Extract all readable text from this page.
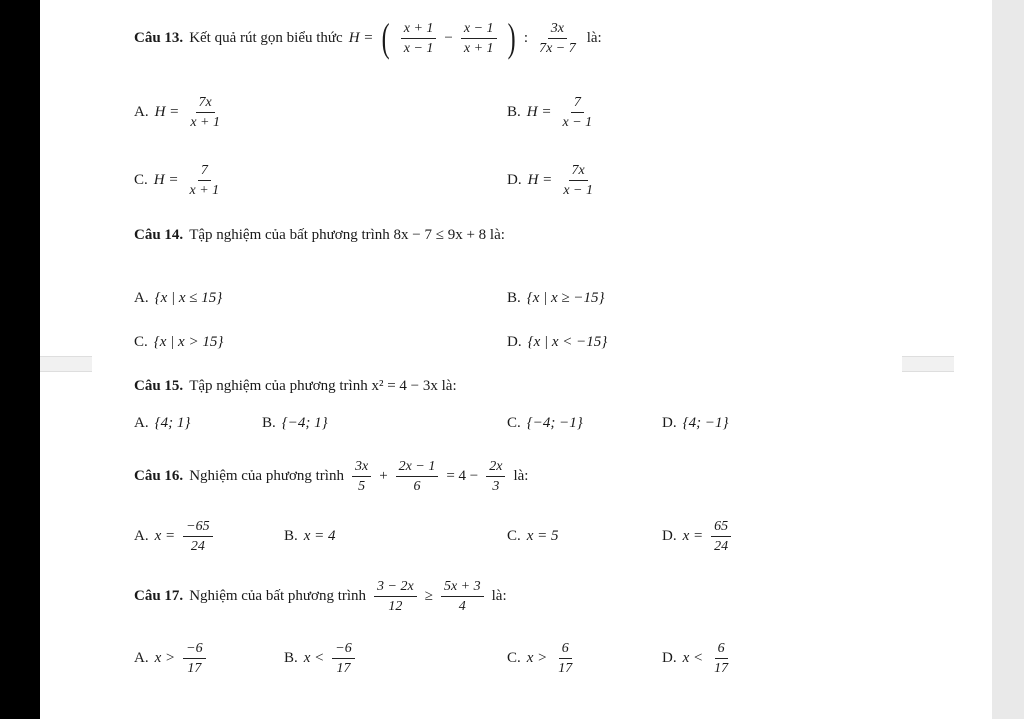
Câu 13. Kết quả rút gọn biểu thức H = ( $\frac{x + 1}{x - 1} - \frac{x - 1}{x + 1}$ ) : $\frac{3x}{7x - 7}$ là:
A. $H = \frac{7x}{x + 1}$	B. $H = \frac{7}{x - 1}$
C. $H = \frac{7}{x + 1}$	D. $H = \frac{7x}{x - 1}$
Câu 14. Tập nghiệm của bất phương trình 8x − 7 ≤ 9x + 8 là:
A. {x | x ≤ 15}	B. {x | x ≥ −15}
C. {x | x > 15}	D. {x | x < −15}
Câu 15. Tập nghiệm của phương trình x² = 4 − 3x là:
A. {4; 1}	B. {−4; 1}	C. {−4; −1}	D. {4; −1}
Câu 16. Nghiệm của phương trình $\frac{3x}{5} + \frac{2x - 1}{6} = 4 - \frac{2x}{3}$ là:
A. $x = \frac{-65}{24}$	B. x = 4	C. x = 5	D. $x = \frac{65}{24}$
Câu 17. Nghiệm của bất phương trình $\frac{3 - 2x}{12} \ge \frac{5x + 3}{4}$ là:
A. $x > \frac{-6}{17}$	B. $x < \frac{-6}{17}$	C. $x > \frac{6}{17}$	D. $x < \frac{6}{17}$
